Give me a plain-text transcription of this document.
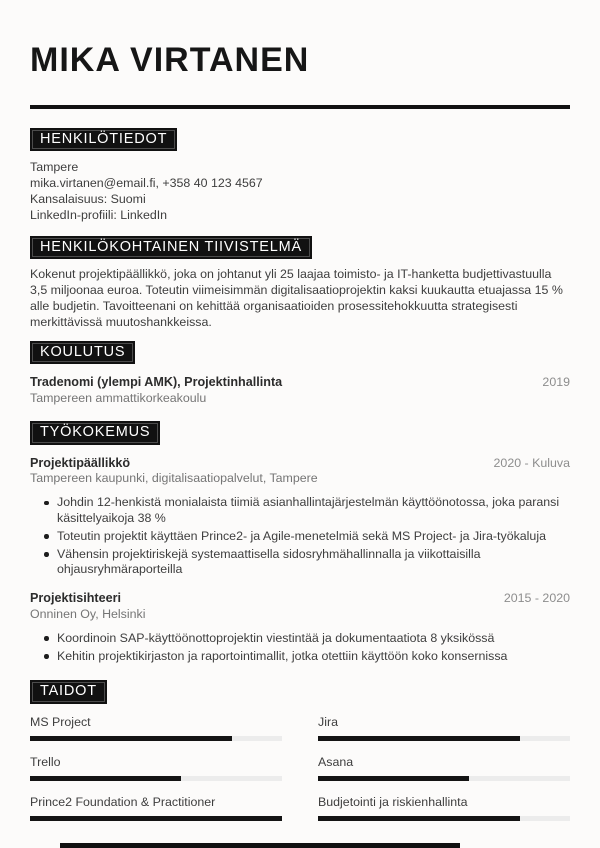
MIKA VIRTANEN
HENKILÖTIEDOT
Tampere
mika.virtanen@email.fi, +358 40 123 4567
Kansalaisuus: Suomi
LinkedIn-profiili: LinkedIn
HENKILÖKOHTAINEN TIIVISTELMÄ

Kokenut projektipäällikkö, joka on johtanut yli 25 laajaa toimisto- ja IT-hanketta budjettivastuulla 3,5 miljoonaa euroa. Toteutin viimeisimmän digitalisaatioprojektin kaksi kuukautta etuajassa 15 % alle budjetin. Tavoitteenani on kehittää organisaatioiden prosessitehokkuutta strategisesti merkittävissä muutoshankkeissa.

KOULUTUS
Tradenomi (ylempi AMK), Projektinhallinta	2019
Tampereen ammattikorkeakoulu
TYÖKOKEMUS
Projektipäällikkö	2020 - Kuluva
Tampereen kaupunki, digitalisaatiopalvelut, Tampere
Johdin 12-henkistä monialaista tiimiä asianhallintajärjestelmän käyttöönotossa, joka paransi käsittelyaikoja 38 %
Toteutin projektit käyttäen Prince2- ja Agile-menetelmiä sekä MS Project- ja Jira-työkaluja
Vähensin projektiriskejä systemaattisella sidosryhmähallinnalla ja viikottaisilla ohjausryhmäraporteilla
Projektisihteeri	2015 - 2020
Onninen Oy, Helsinki
Koordinoin SAP-käyttöönottoprojektin viestintää ja dokumentaatiota 8 yksikössä
Kehitin projektikirjaston ja raportointimallit, jotka otettiin käyttöön koko konsernissa
TAIDOT
MS Project	Jira
Trello	Asana
Prince2 Foundation & Practitioner	Budjetointi ja riskienhallinta
